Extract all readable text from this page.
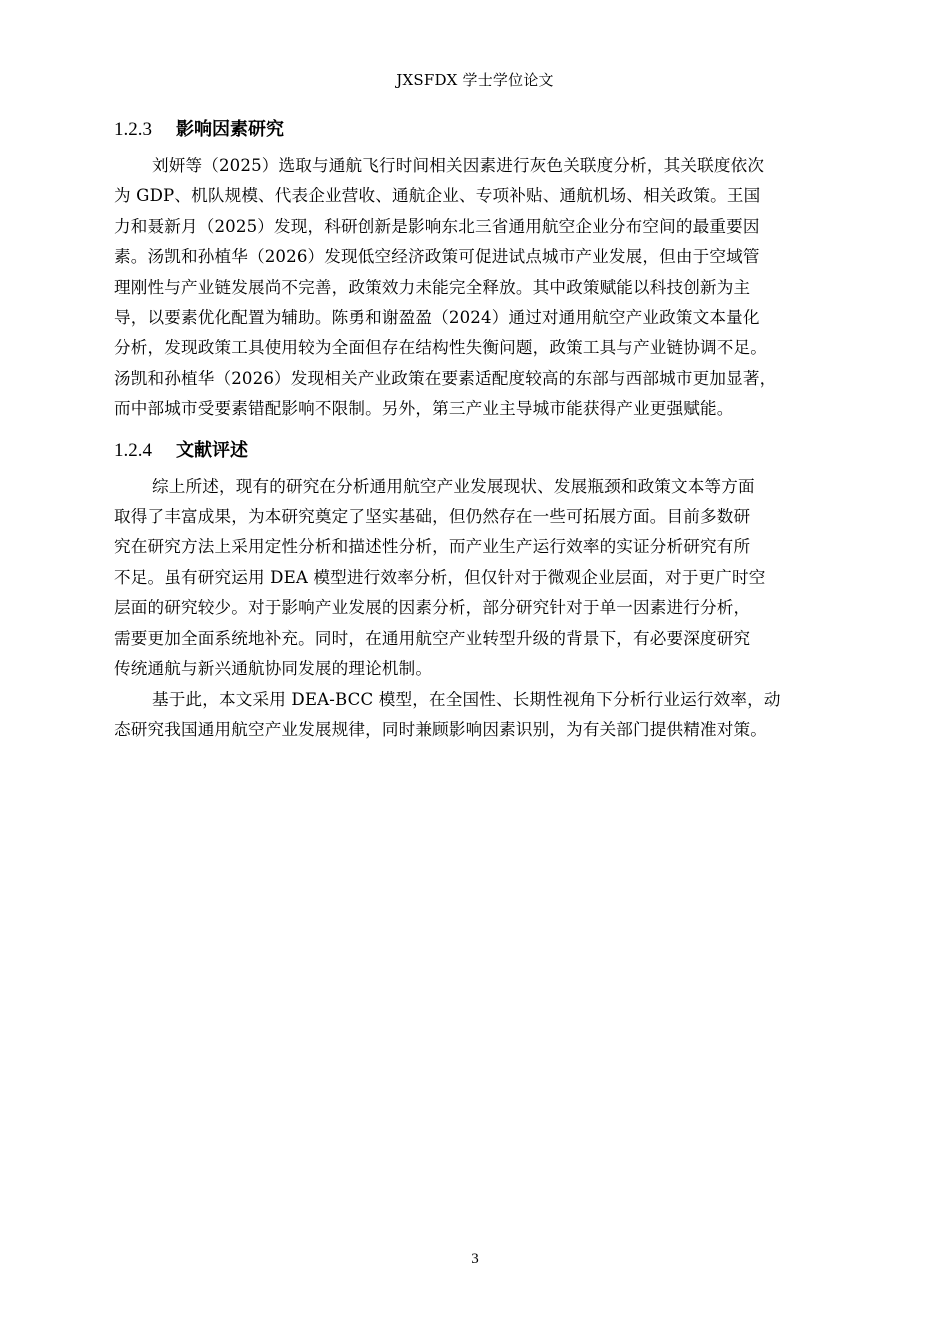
JXSFDX 学士学位论文
1.2.3 影响因素研究
刘妍等（2025）选取与通航飞行时间相关因素进行灰色关联度分析，其关联度依次
为 GDP、机队规模、代表企业营收、通航企业、专项补贴、通航机场、相关政策。王国
力和聂新月（2025）发现，科研创新是影响东北三省通用航空企业分布空间的最重要因
素。汤凯和孙植华（2026）发现低空经济政策可促进试点城市产业发展，但由于空域管
理刚性与产业链发展尚不完善，政策效力未能完全释放。其中政策赋能以科技创新为主
导，以要素优化配置为辅助。陈勇和谢盈盈（2024）通过对通用航空产业政策文本量化
分析，发现政策工具使用较为全面但存在结构性失衡问题，政策工具与产业链协调不足。
汤凯和孙植华（2026）发现相关产业政策在要素适配度较高的东部与西部城市更加显著，
而中部城市受要素错配影响不限制。另外，第三产业主导城市能获得产业更强赋能。
1.2.4 文献评述
综上所述，现有的研究在分析通用航空产业发展现状、发展瓶颈和政策文本等方面
取得了丰富成果，为本研究奠定了坚实基础，但仍然存在一些可拓展方面。目前多数研
究在研究方法上采用定性分析和描述性分析，而产业生产运行效率的实证分析研究有所
不足。虽有研究运用 DEA 模型进行效率分析，但仅针对于微观企业层面，对于更广时空
层面的研究较少。对于影响产业发展的因素分析，部分研究针对于单一因素进行分析，
需要更加全面系统地补充。同时，在通用航空产业转型升级的背景下，有必要深度研究
传统通航与新兴通航协同发展的理论机制。
基于此，本文采用 DEA-BCC 模型，在全国性、长期性视角下分析行业运行效率，动
态研究我国通用航空产业发展规律，同时兼顾影响因素识别，为有关部门提供精准对策。
3
